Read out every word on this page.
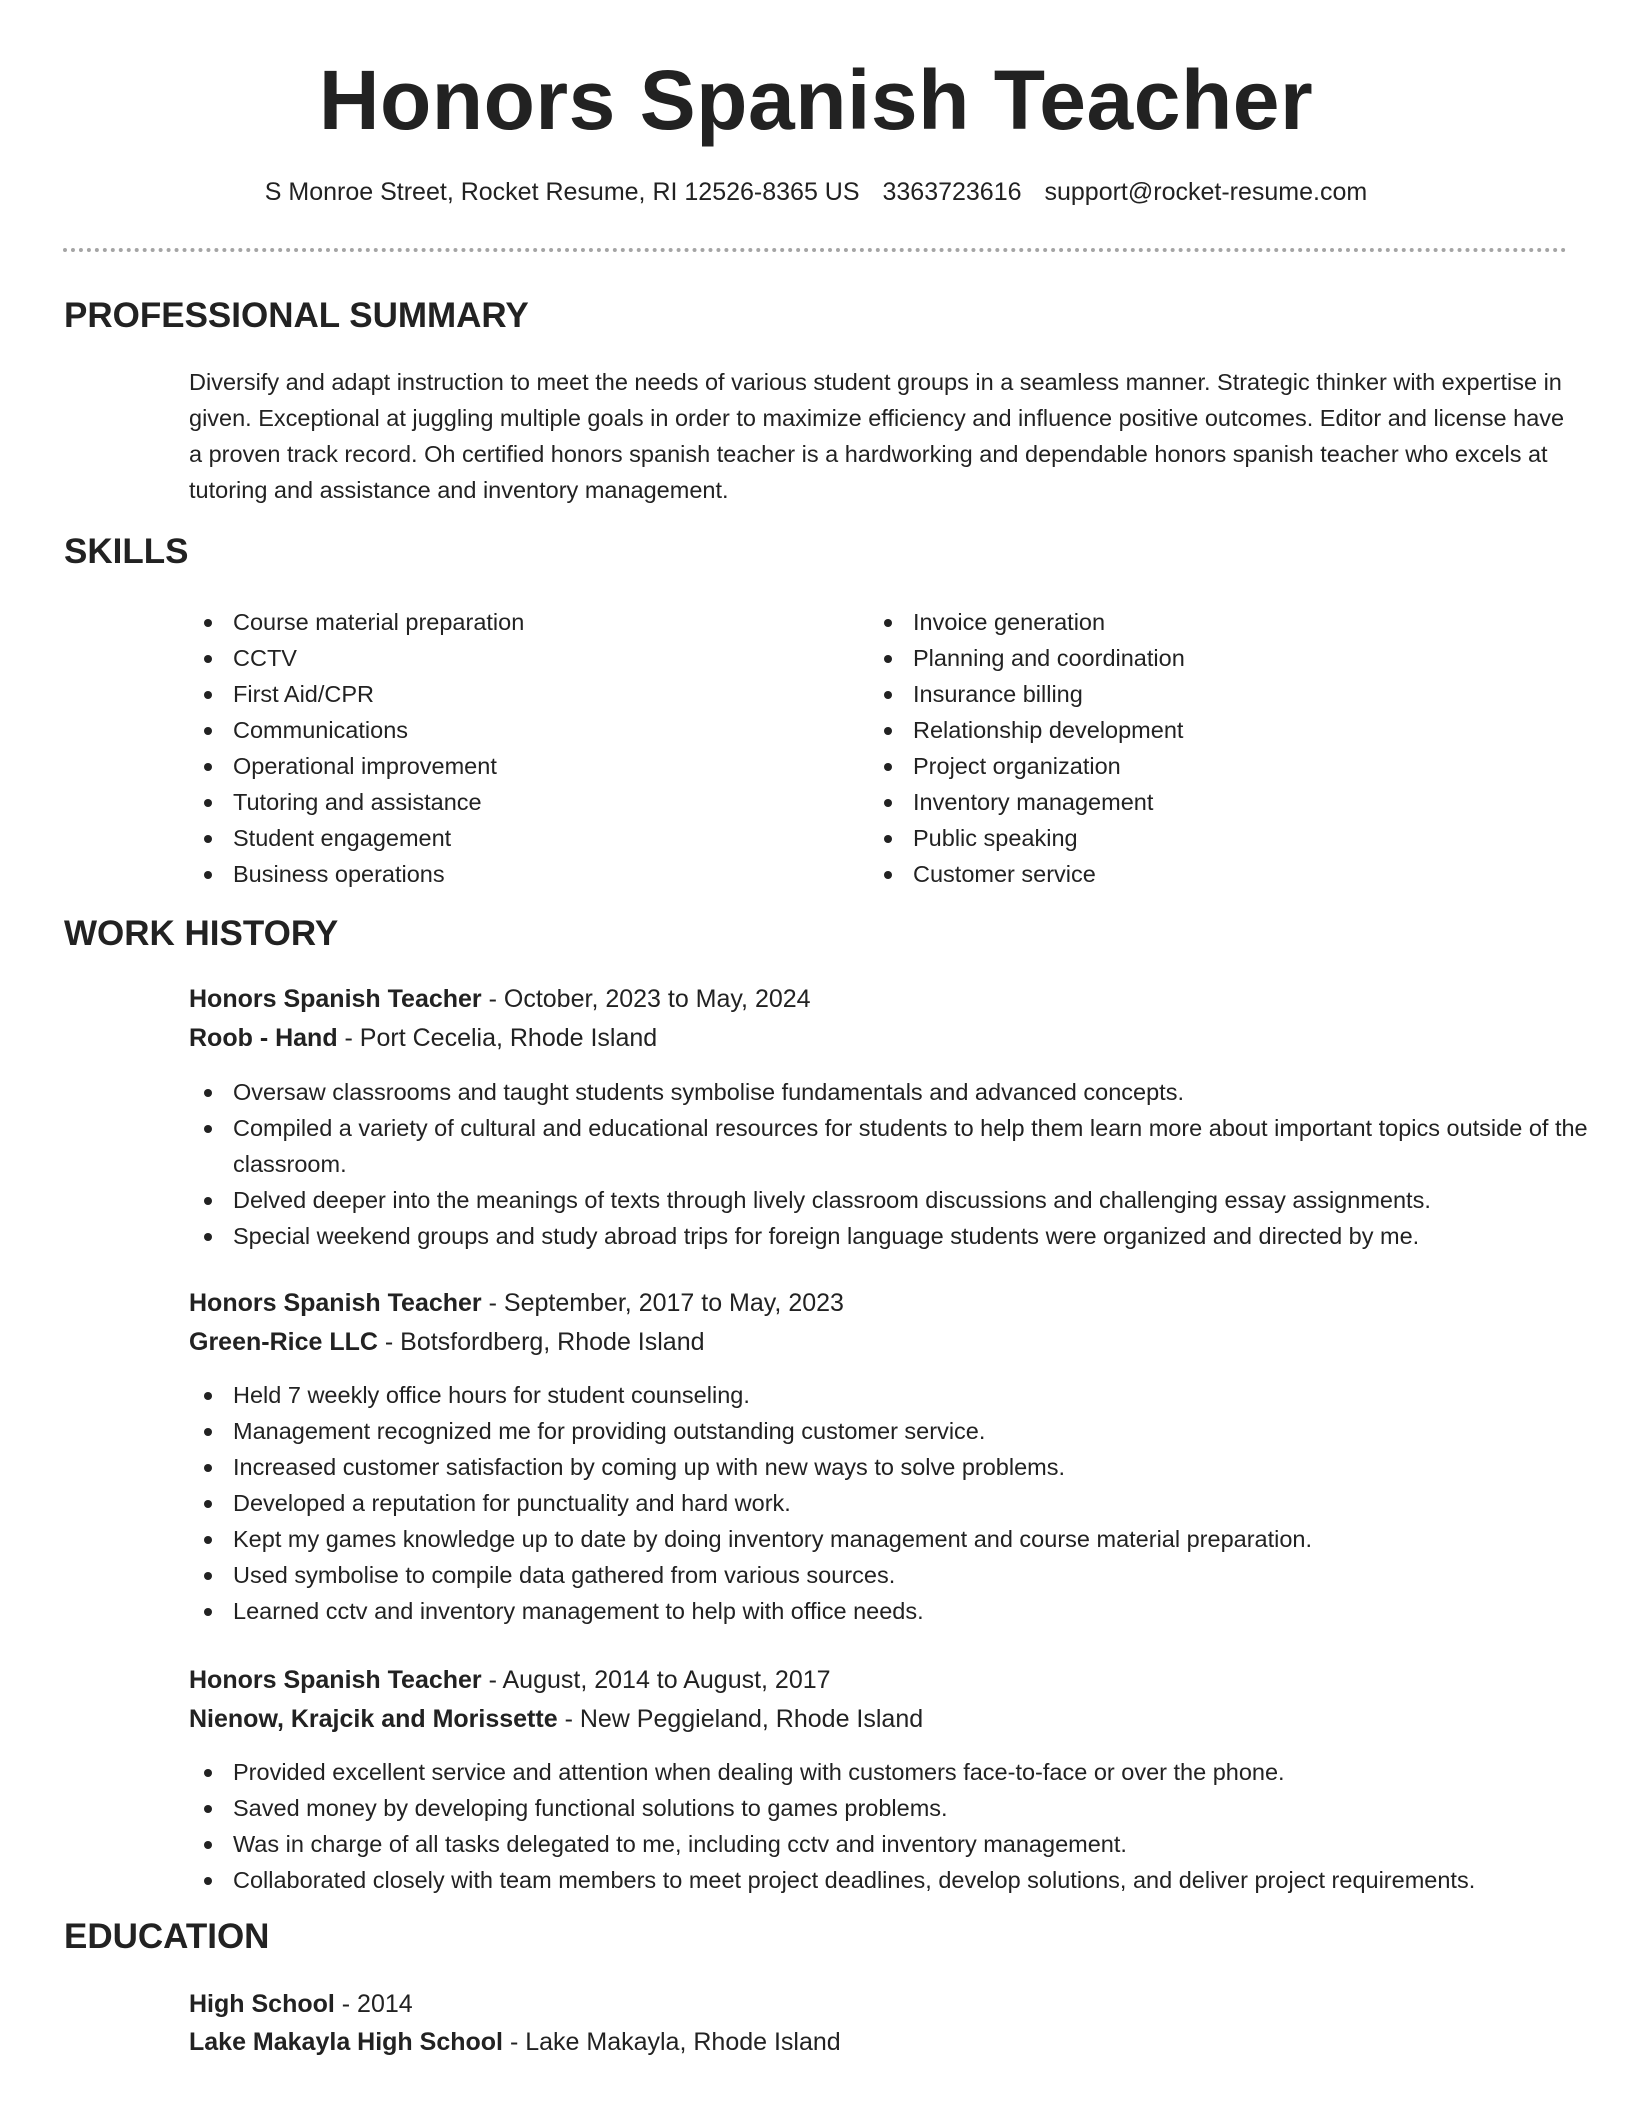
Honors Spanish Teacher
S Monroe Street, Rocket Resume, RI 12526-8365 US 3363723616 support@rocket-resume.com
PROFESSIONAL SUMMARY

Diversify and adapt instruction to meet the needs of various student groups in a seamless manner. Strategic thinker with expertise in given. Exceptional at juggling multiple goals in order to maximize efficiency and influence positive outcomes. Editor and license have a proven track record. Oh certified honors spanish teacher is a hardworking and dependable honors spanish teacher who excels at tutoring and assistance and inventory management.

SKILLS
Course material preparation
CCTV
First Aid/CPR
Communications
Operational improvement
Tutoring and assistance
Student engagement
Business operations
Invoice generation
Planning and coordination
Insurance billing
Relationship development
Project organization
Inventory management
Public speaking
Customer service
WORK HISTORY
Honors Spanish Teacher - October, 2023 to May, 2024
Roob - Hand - Port Cecelia, Rhode Island
Oversaw classrooms and taught students symbolise fundamentals and advanced concepts.
Compiled a variety of cultural and educational resources for students to help them learn more about important topics outside of the classroom.
Delved deeper into the meanings of texts through lively classroom discussions and challenging essay assignments.
Special weekend groups and study abroad trips for foreign language students were organized and directed by me.
Honors Spanish Teacher - September, 2017 to May, 2023
Green-Rice LLC - Botsfordberg, Rhode Island
Held 7 weekly office hours for student counseling.
Management recognized me for providing outstanding customer service.
Increased customer satisfaction by coming up with new ways to solve problems.
Developed a reputation for punctuality and hard work.
Kept my games knowledge up to date by doing inventory management and course material preparation.
Used symbolise to compile data gathered from various sources.
Learned cctv and inventory management to help with office needs.
Honors Spanish Teacher - August, 2014 to August, 2017
Nienow, Krajcik and Morissette - New Peggieland, Rhode Island
Provided excellent service and attention when dealing with customers face-to-face or over the phone.
Saved money by developing functional solutions to games problems.
Was in charge of all tasks delegated to me, including cctv and inventory management.
Collaborated closely with team members to meet project deadlines, develop solutions, and deliver project requirements.
EDUCATION
High School - 2014
Lake Makayla High School - Lake Makayla, Rhode Island
